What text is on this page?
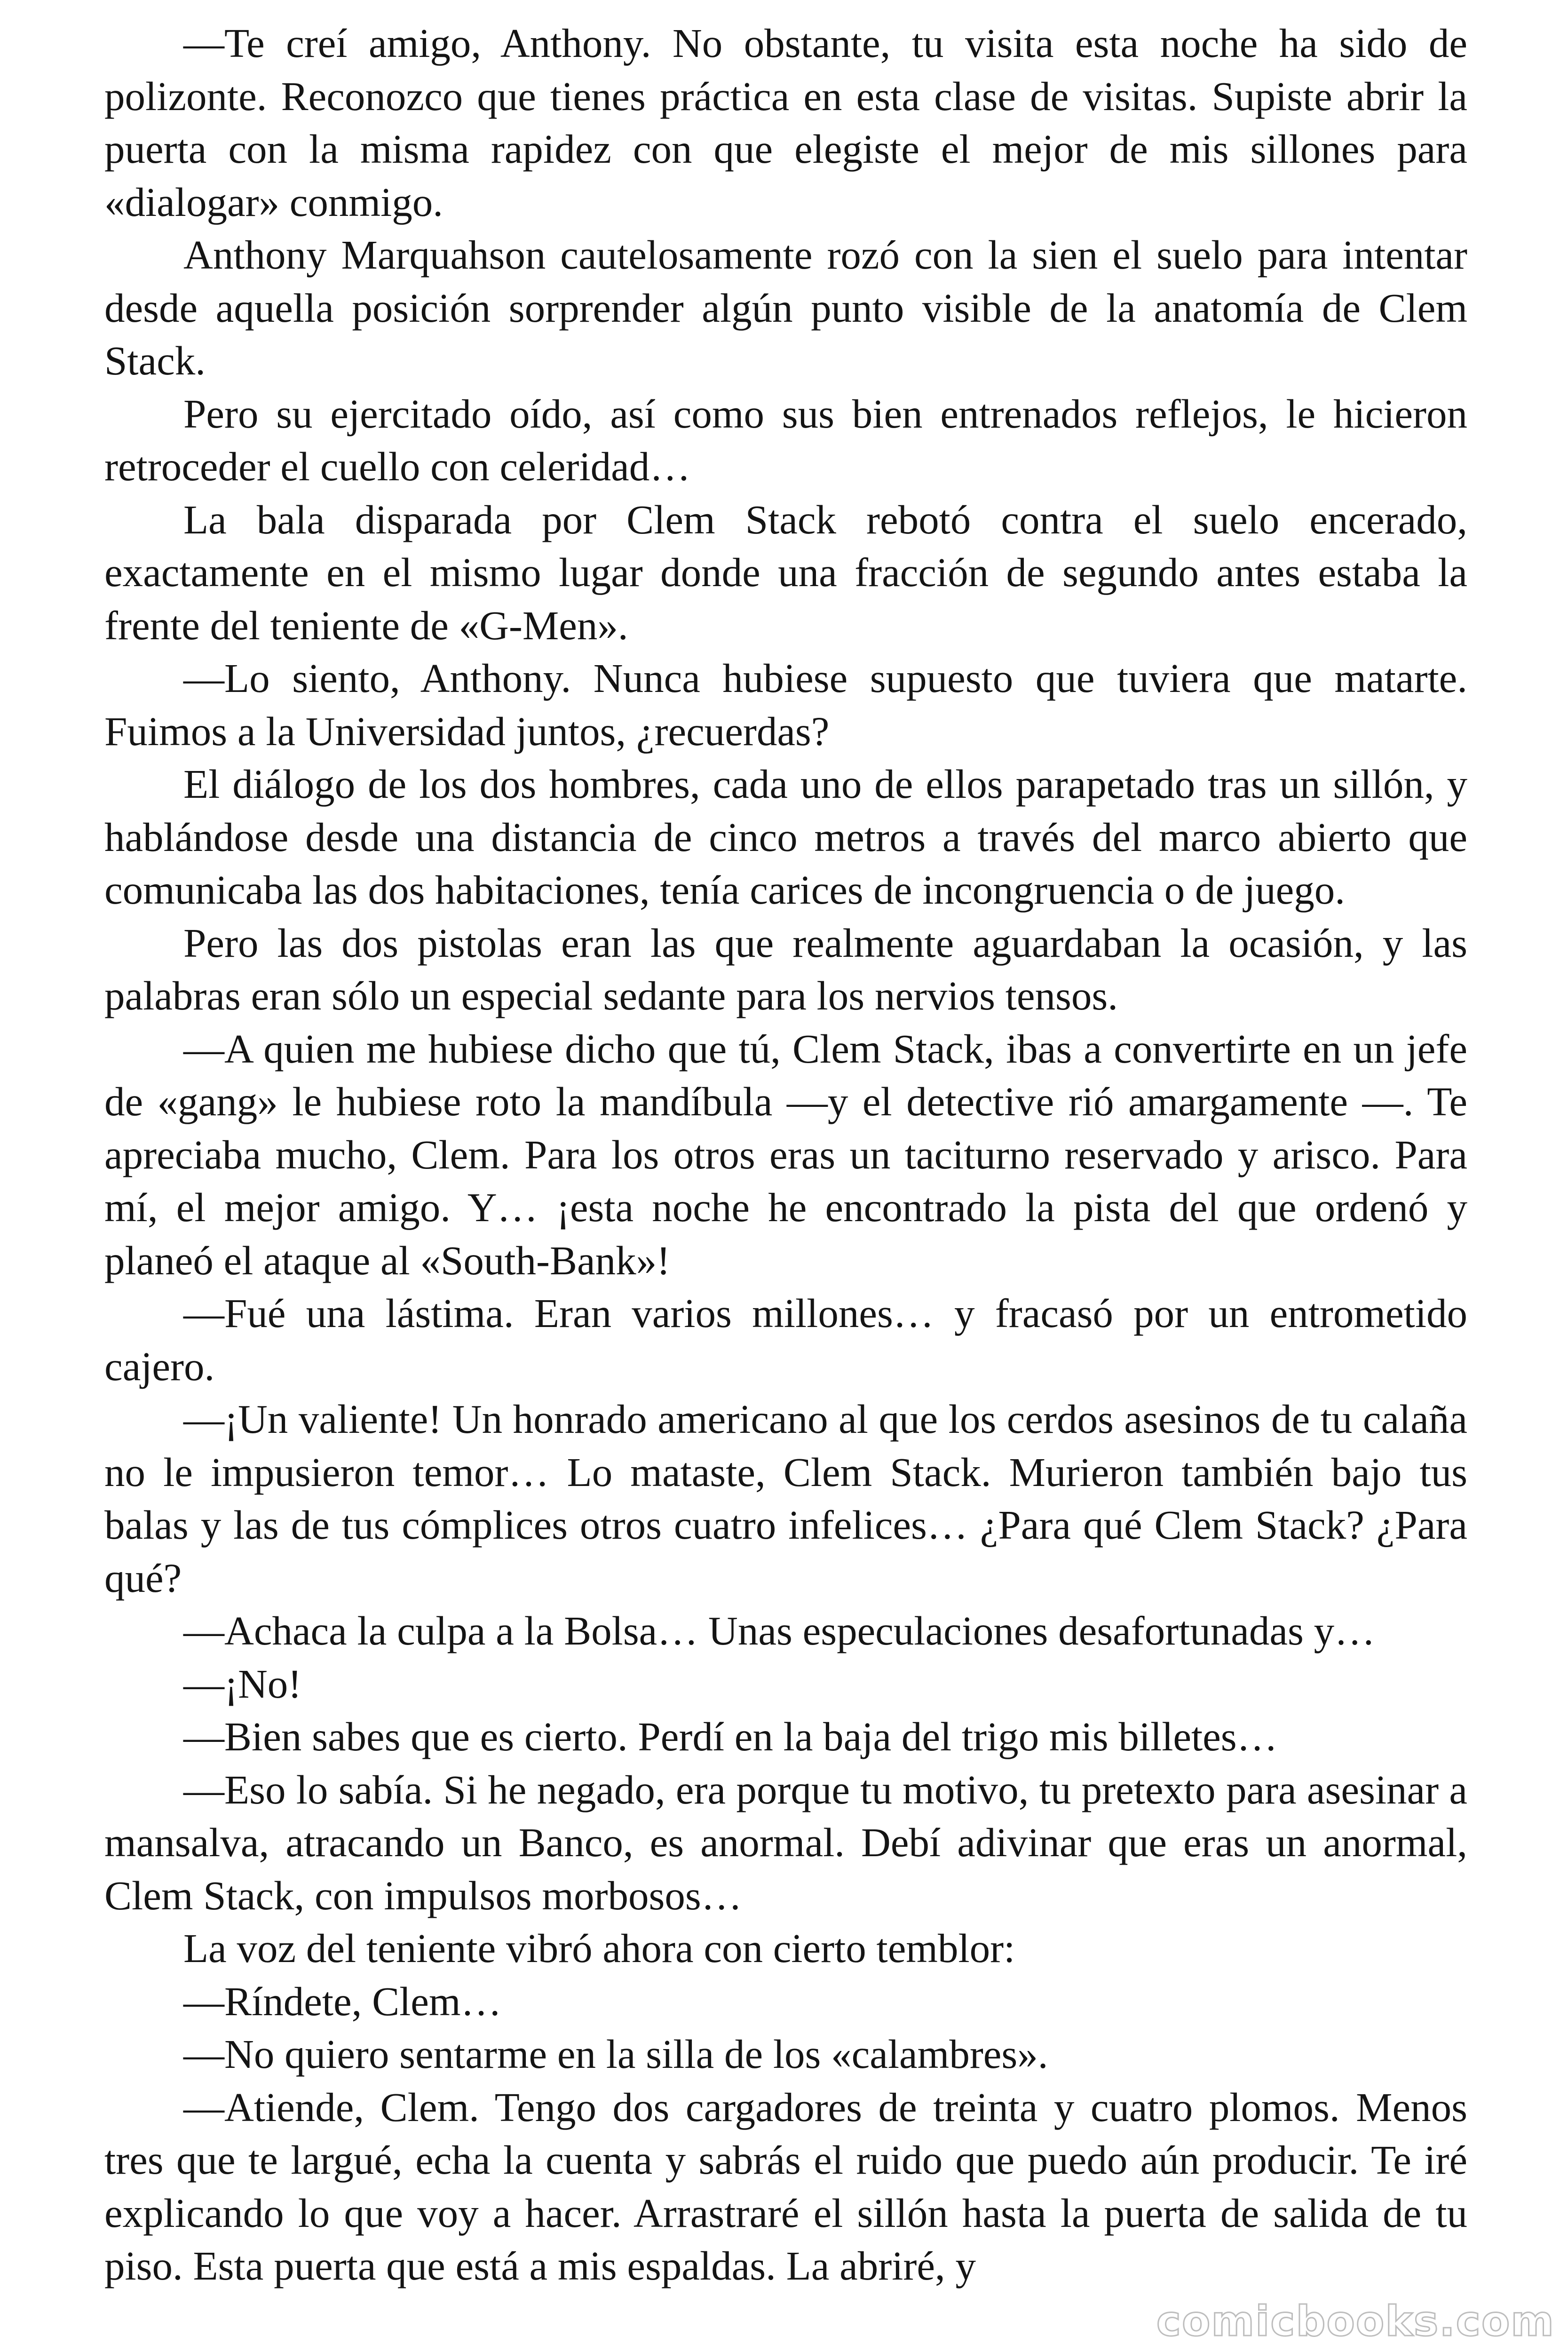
—Te creí amigo, Anthony. No obstante, tu visita esta noche ha sido de polizonte. Reconozco que tienes práctica en esta clase de visitas. Supiste abrir la puerta con la misma rapidez con que elegiste el mejor de mis sillones para «dialogar» conmigo.

Anthony Marquahson cautelosamente rozó con la sien el suelo para intentar desde aquella posición sorprender algún punto visible de la anatomía de Clem Stack.

Pero su ejercitado oído, así como sus bien entrenados reflejos, le hicieron retroceder el cuello con celeridad…

La bala disparada por Clem Stack rebotó contra el suelo encerado, exactamente en el mismo lugar donde una fracción de segundo antes estaba la frente del teniente de «G-Men».

—Lo siento, Anthony. Nunca hubiese supuesto que tuviera que matarte. Fuimos a la Universidad juntos, ¿recuerdas?

El diálogo de los dos hombres, cada uno de ellos parapetado tras un sillón, y hablándose desde una distancia de cinco metros a través del marco abierto que comunicaba las dos habitaciones, tenía carices de incongruencia o de juego.

Pero las dos pistolas eran las que realmente aguardaban la ocasión, y las palabras eran sólo un especial sedante para los nervios tensos.

—A quien me hubiese dicho que tú, Clem Stack, ibas a convertirte en un jefe de «gang» le hubiese roto la mandíbula —y el detective rió amargamente —. Te apreciaba mucho, Clem. Para los otros eras un taciturno reservado y arisco. Para mí, el mejor amigo. Y… ¡esta noche he encontrado la pista del que ordenó y planeó el ataque al «South-Bank»!

—Fué una lástima. Eran varios millones… y fracasó por un entrometido cajero.

—¡Un valiente! Un honrado americano al que los cerdos asesinos de tu calaña no le impusieron temor… Lo mataste, Clem Stack. Murieron también bajo tus balas y las de tus cómplices otros cuatro infelices… ¿Para qué Clem Stack? ¿Para qué?

—Achaca la culpa a la Bolsa… Unas especulaciones desafortunadas y…

—¡No!

—Bien sabes que es cierto. Perdí en la baja del trigo mis billetes…

—Eso lo sabía. Si he negado, era porque tu motivo, tu pretexto para asesinar a mansalva, atracando un Banco, es anormal. Debí adivinar que eras un anormal, Clem Stack, con impulsos morbosos…

La voz del teniente vibró ahora con cierto temblor:

—Ríndete, Clem…

—No quiero sentarme en la silla de los «calambres».

—Atiende, Clem. Tengo dos cargadores de treinta y cuatro plomos. Menos tres que te largué, echa la cuenta y sabrás el ruido que puedo aún producir. Te iré explicando lo que voy a hacer. Arrastraré el sillón hasta la puerta de salida de tu piso. Esta puerta que está a mis espaldas. La abriré, y

comicbooks.com
